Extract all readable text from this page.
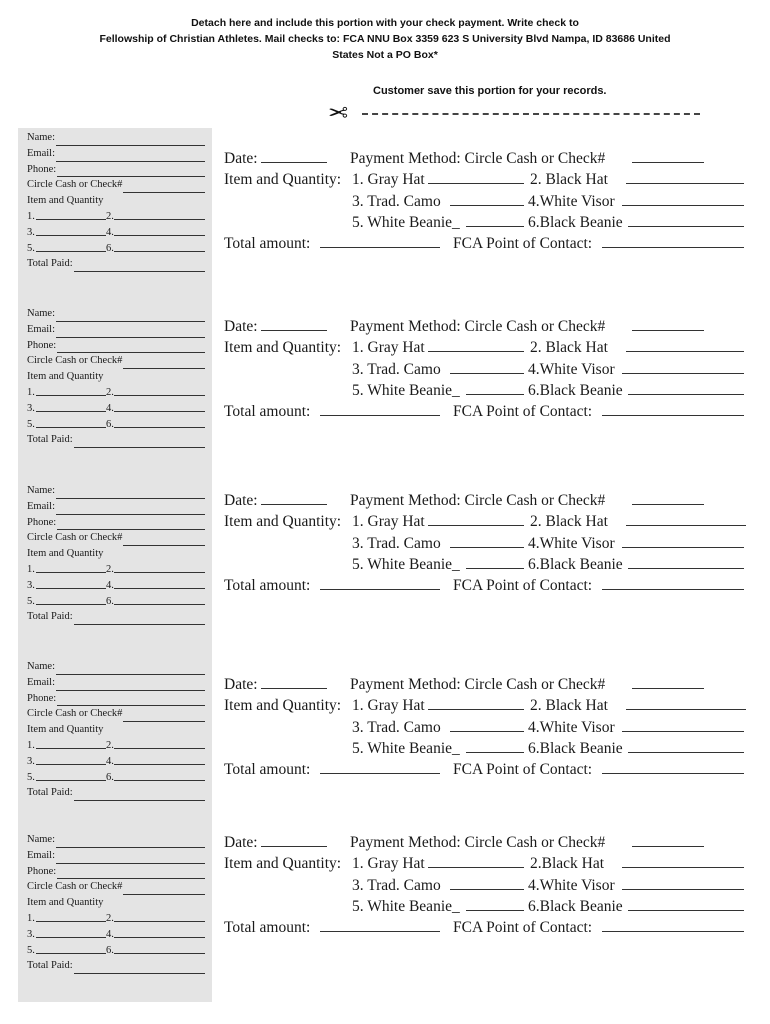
Detach here and include this portion with your check payment. Write check to
Fellowship of Christian Athletes. Mail checks to: FCA NNU Box 3359 623 S University Blvd Nampa, ID 83686 United
States Not a PO Box*
Customer save this portion for your records.
✂
Name:
Email:
Phone:
Circle Cash or Check#
Item and Quantity
1.	2.
3.	4.
5.	6.
Total Paid:
Name:
Email:
Phone:
Circle Cash or Check#
Item and Quantity
1.	2.
3.	4.
5.	6.
Total Paid:
Name:
Email:
Phone:
Circle Cash or Check#
Item and Quantity
1.	2.
3.	4.
5.	6.
Total Paid:
Name:
Email:
Phone:
Circle Cash or Check#
Item and Quantity
1.	2.
3.	4.
5.	6.
Total Paid:
Name:
Email:
Phone:
Circle Cash or Check#
Item and Quantity
1.	2.
3.	4.
5.	6.
Total Paid:
Date:	Payment Method: Circle Cash or Check#
Item and Quantity: 1. Gray Hat	2. Black Hat
3. Trad. Camo	4.White Visor
5. White Beanie_	6.Black Beanie
Total amount:	FCA Point of Contact:
Date:	Payment Method: Circle Cash or Check#
Item and Quantity: 1. Gray Hat	2. Black Hat
3. Trad. Camo	4.White Visor
5. White Beanie_	6.Black Beanie
Total amount:	FCA Point of Contact:
Date:	Payment Method: Circle Cash or Check#
Item and Quantity: 1. Gray Hat	2. Black Hat
3. Trad. Camo	4.White Visor
5. White Beanie_	6.Black Beanie
Total amount:	FCA Point of Contact:
Date:	Payment Method: Circle Cash or Check#
Item and Quantity: 1. Gray Hat	2. Black Hat
3. Trad. Camo	4.White Visor
5. White Beanie_	6.Black Beanie
Total amount:	FCA Point of Contact:
Date:	Payment Method: Circle Cash or Check#
Item and Quantity: 1. Gray Hat	2.Black Hat
3. Trad. Camo	4.White Visor
5. White Beanie_	6.Black Beanie
Total amount:	FCA Point of Contact:
